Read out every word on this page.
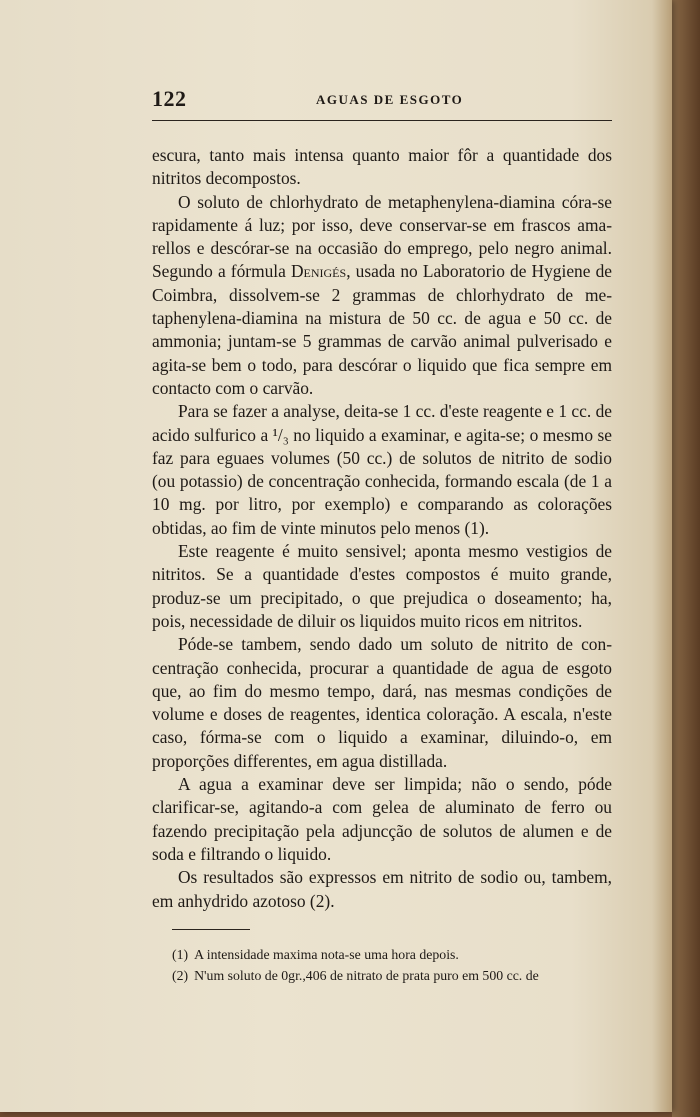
122	AGUAS DE ESGOTO

escura, tanto mais intensa quanto maior fôr a quantidade dos nitritos decompostos.

O soluto de chlorhydrato de metaphenylena-diamina córa-se rapidamente á luz; por isso, deve conservar-se em frascos amarellos e descórar-se na occasião do emprego, pelo negro animal. Segundo a fórmula Denigés, usada no Laboratorio de Hygiene de Coimbra, dissolvem-se 2 grammas de chlorhydrato de metaphenylena-diamina na mistura de 50 cc. de agua e 50 cc. de ammonia; juntam-se 5 grammas de carvão animal pulverisado e agita-se bem o todo, para descórar o liquido que fica sempre em contacto com o carvão.

Para se fazer a analyse, deita-se 1 cc. d'este reagente e 1 cc. de acido sulfurico a ¹/₃ no liquido a examinar, e agita-se; o mesmo se faz para eguaes volumes (50 cc.) de solutos de nitrito de sodio (ou potassio) de concentração conhecida, formando escala (de 1 a 10 mg. por litro, por exemplo) e comparando as colorações obtidas, ao fim de vinte minutos pelo menos (1).

Este reagente é muito sensivel; aponta mesmo vestigios de nitritos. Se a quantidade d'estes compostos é muito grande, produz-se um precipitado, o que prejudica o doseamento; ha, pois, necessidade de diluir os liquidos muito ricos em nitritos.

Póde-se tambem, sendo dado um soluto de nitrito de concentração conhecida, procurar a quantidade de agua de esgoto que, ao fim do mesmo tempo, dará, nas mesmas condições de volume e doses de reagentes, identica coloração. A escala, n'este caso, fórma-se com o liquido a examinar, diluindo-o, em proporções differentes, em agua distillada.

A agua a examinar deve ser limpida; não o sendo, póde clarificar-se, agitando-a com gelea de aluminato de ferro ou fazendo precipitação pela adjuncção de solutos de alumen e de soda e filtrando o liquido.

Os resultados são expressos em nitrito de sodio ou, tambem, em anhydrido azotoso (2).

(1) A intensidade maxima nota-se uma hora depois.
(2) N'um soluto de 0gr.,406 de nitrato de prata puro em 500 cc. de
